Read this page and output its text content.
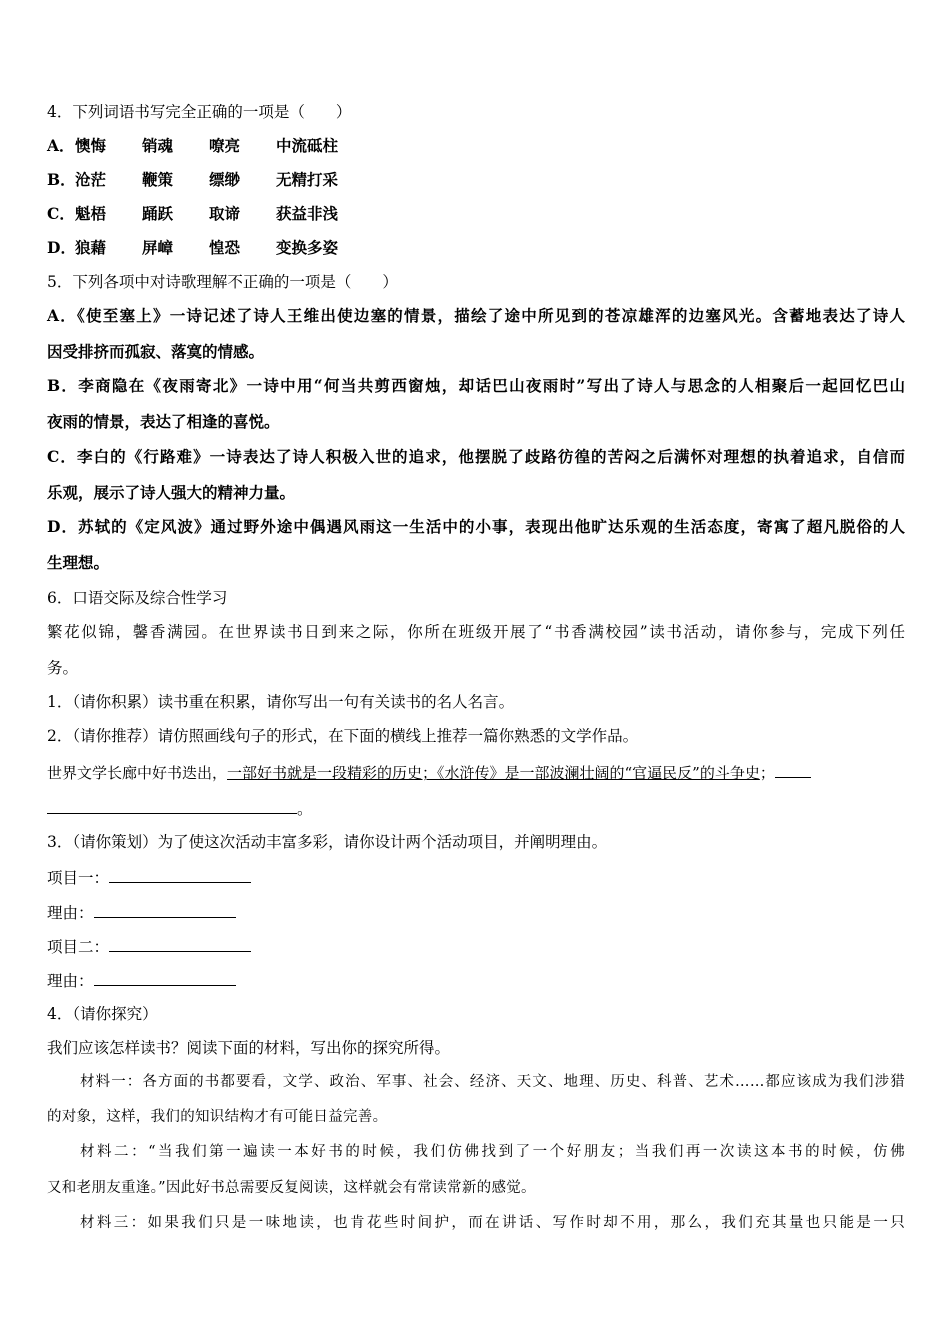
4．下列词语书写完全正确的一项是（　　）
A．懊悔 销魂 嘹亮 中流砥柱
B．沧茫 鞭策 缥缈 无精打采
C．魁梧 踊跃 取谛 获益非浅
D．狼藉 屏嶂 惶恐 变换多姿
5．下列各项中对诗歌理解不正确的一项是（　　）
A．《使至塞上》一诗记述了诗人王维出使边塞的情景，描绘了途中所见到的苍凉雄浑的边塞风光。含蓄地表达了诗人
因受排挤而孤寂、落寞的情感。
B．李商隐在《夜雨寄北》一诗中用“何当共剪西窗烛，却话巴山夜雨时”写出了诗人与思念的人相聚后一起回忆巴山
夜雨的情景，表达了相逢的喜悦。
C．李白的《行路难》一诗表达了诗人积极入世的追求，他摆脱了歧路彷徨的苦闷之后满怀对理想的执着追求，自信而
乐观，展示了诗人强大的精神力量。
D．苏轼的《定风波》通过野外途中偶遇风雨这一生活中的小事，表现出他旷达乐观的生活态度，寄寓了超凡脱俗的人
生理想。
6．口语交际及综合性学习
繁花似锦，馨香满园。在世界读书日到来之际，你所在班级开展了“书香满校园”读书活动，请你参与，完成下列任
务。
1．（请你积累）读书重在积累，请你写出一句有关读书的名人名言。
2．（请你推荐）请仿照画线句子的形式，在下面的横线上推荐一篇你熟悉的文学作品。
世界文学长廊中好书迭出，一部好书就是一段精彩的历史；《水浒传》是一部波澜壮阔的“官逼民反”的斗争史；
。
3．（请你策划）为了使这次活动丰富多彩，请你设计两个活动项目，并阐明理由。
项目一：
理由：
项目二：
理由：
4．（请你探究）
我们应该怎样读书？阅读下面的材料，写出你的探究所得。
材料一：各方面的书都要看，文学、政治、军事、社会、经济、天文、地理、历史、科普、艺术……都应该成为我们涉猎
的对象，这样，我们的知识结构才有可能日益完善。
材料二：“当我们第一遍读一本好书的时候，我们仿佛找到了一个好朋友；当我们再一次读这本书的时候，仿佛
又和老朋友重逢。”因此好书总需要反复阅读，这样就会有常读常新的感觉。
材料三：如果我们只是一味地读，也肯花些时间护，而在讲话、写作时却不用，那么，我们充其量也只能是一只
